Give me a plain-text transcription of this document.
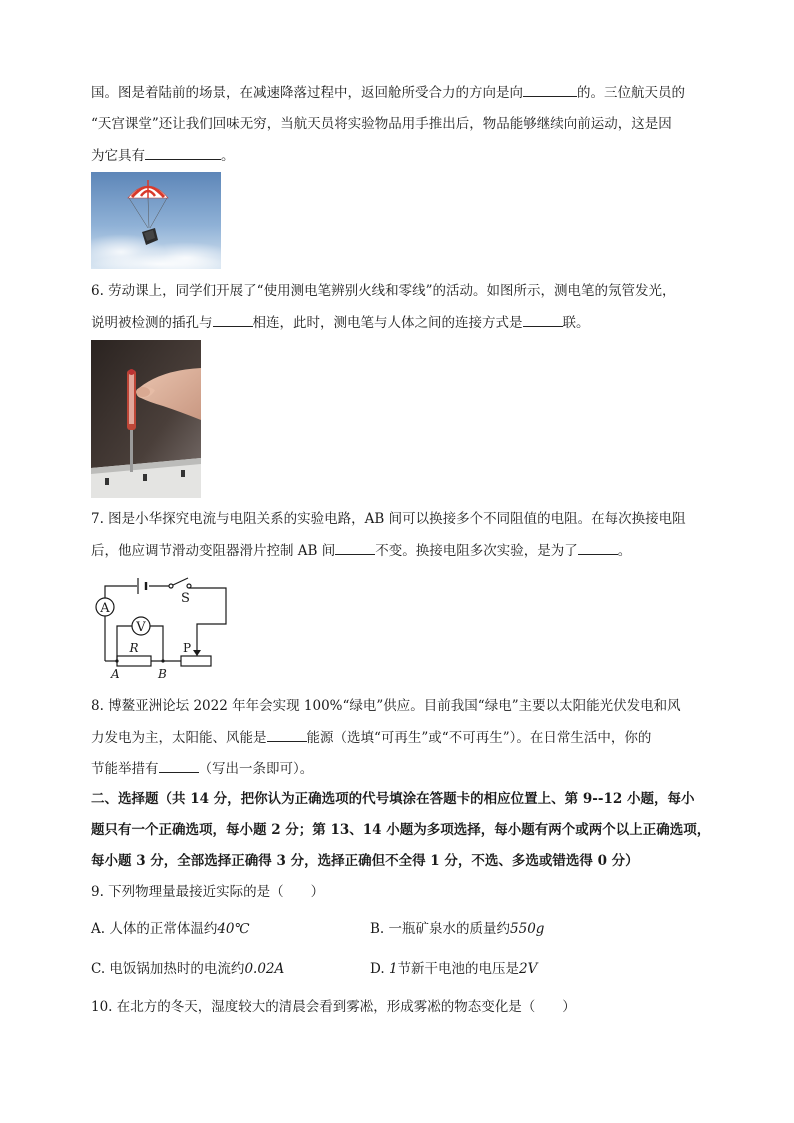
国。图是着陆前的场景，在减速降落过程中，返回舱所受合力的方向是向	的。三位航天员的
“天宫课堂”还让我们回味无穷，当航天员将实验物品用手推出后，物品能够继续向前运动，这是因
为它具有	。
6. 劳动课上，同学们开展了“使用测电笔辨别火线和零线”的活动。如图所示，测电笔的氖管发光，
说明被检测的插孔与	相连，此时，测电笔与人体之间的连接方式是	联。
7. 图是小华探究电流与电阻关系的实验电路，AB 间可以换接多个不同阻值的电阻。在每次换接电阻
后，他应调节滑动变阻器滑片控制 AB 间	不变。换接电阻多次实验，是为了	。
A
V
S
R	P
A	B
8. 博鳌亚洲论坛 2022 年年会实现 100%“绿电”供应。目前我国“绿电”主要以太阳能光伏发电和风
力发电为主，太阳能、风能是	能源（选填“可再生”或“不可再生”）。在日常生活中，你的
节能举措有	（写出一条即可）。
二、选择题（共 14 分，把你认为正确选项的代号填涂在答题卡的相应位置上、第 9--12 小题，每小
题只有一个正确选项，每小题 2 分；第 13、14 小题为多项选择，每小题有两个或两个以上正确选项，
每小题 3 分，全部选择正确得 3 分，选择正确但不全得 1 分，不选、多选或错选得 0 分）
9. 下列物理量最接近实际的是（　　）
A. 人体的正常体温约40℃	B. 一瓶矿泉水的质量约550g
C. 电饭锅加热时的电流约0.02A	D. 1节新干电池的电压是2V
10. 在北方的冬天，湿度较大的清晨会看到雾凇，形成雾凇的物态变化是（　　）
